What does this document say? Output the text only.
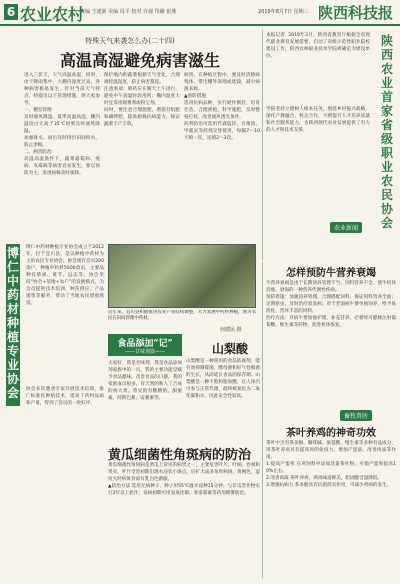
6 农业农村
责编 王建新 美编 周平 校对 许强 印刷 崔燕	2019年8月7日 星期三 陕西科技报
特殊天气来袭怎么办(二十四)
高温高湿避免病害滋生
进入三伏天，天气高温高湿，同时，由于降雨集中，大棚内湿度过高，各种病害极易发生。针对当前天气特点，特提出以下管理措施，供大家参考。
一、棚室管理
及时通风降湿。夏季高温高湿，棚内温度白天高于35℃时要及时通风降温。
加强排水。雨后及时排出田间积水，防止沤根。
二、病害防治
高温高湿条件下，蔬菜霜霉病、疫病、灰霉病等病害容易发生，要以预防为主，发现病株及时拔除。
保护地内的蔬菜根据天气变化，合理调控温湿度，防止病害蔓延。
注意事项：喷药应在晴天上午进行，避免中午高温时段用药；棚内湿度大时宜采用烟雾剂或粉尘剂。
同时，要注意合理施肥，增施有机肥和磷钾肥，提高植株抗病能力，保证蔬菜丰产丰收。
病害。在种植过程中，要及时清除病残体，带出棚外深埋或烧毁，减少病菌来源。
▲预防措施
选用抗病品种，实行轮作倒茬，培育壮苗，合理密植，科学施肥，及时整枝打杈，改善通风透光条件。
药剂防治可选用代森锰锌、百菌清、甲霜灵等药剂交替使用，每隔7～10天喷一次，连喷2～3次。
本报记者  2019年3月，陕西省教育厅根据全省现代职业教育发展需要，启动了省级示范性职业院校建设工作，陕西农林职业技术学院被确定为建设单位。
学院坚持立德树人根本任务，围绕乡村振兴战略，深化产教融合、校企合作，不断提升人才培养质量和社会服务能力，为陕西现代农业发展提供了有力的人才和技术支撑。
陕西农业首家省级职业农民协会
农业新闻
博仁中药材种植专业协会
博仁中药材种植专业协会成立于2012年，位于宜川县，是以种植中药材为主的农民专业协会。协会现有会员200余户，种植中药材5000余亩，主要品种有柴胡、黄芩、远志等。协会坚持“协会+基地+农户”的发展模式，为会员提供技术培训、种苗供应、产品销售等服务，带动了当地农民增收致富。
协会多次邀请专家开展技术培训，推广标准化种植技术，提高了药材品质和产量，得到了会员的一致好评。
近年来，宜川县积极推进农业产业结构调整，大力发展中药材种植，图为农民在田间管理中药材。
何建民 摄
食品添加“记”
——甘味剂篇——
大家好，我是甘味剂。我是食品添加剂家族中的一员，我的主要功能是赋予食品甜味，改善食品的口感。我的家族成员很多，有天然的和人工合成的两大类。常见的有糖精钠、甜蜜素、阿斯巴甜、安赛蜜等。
山梨酸
山梨酸是一种常用的食品防腐剂，能有效抑制霉菌、酵母菌和好气性细菌的生长，从而延长食品的保存期。山梨酸是一种不饱和脂肪酸，在人体内可参与正常代谢，最终被氧化为二氧化碳和水，因此安全性较高。
黄瓜细菌性角斑病的防治
黄瓜细菌性角斑病是黄瓜上常见的病害之一，主要危害叶片、叶柄、卷须和果实。叶片受害初期出现水浸状小斑点，后扩大成多角形病斑，黄褐色，湿度大时病斑背面有乳白色菌脓。
▲防治方法 选用无病种子，种子用55℃温水浸种15分钟；与非瓜类作物实行2年以上轮作；发病初期可用氢氧化铜、春雷霉素等药剂喷雾防治。
怎样预防牛营养衰竭
牛营养衰竭是由于长期饲养管理不当，饲料营养不全，使牛机体消瘦、衰弱的一种营养代谢性疾病。
预防措施：加强饲养管理，合理搭配饲料，保证饲料营养全面；定期驱虫，及时治疗原发病；对于老弱病牛要单独饲养，给予易消化、营养丰富的饲料。
治疗方法：对病牛要加强护理，补充营养，必要时可静脉注射葡萄糖、维生素等药物，促进机体恢复。
畜牧兽医
茶叶养鸡的神奇功效
茶叶中含有茶多酚、咖啡碱、氨基酸、维生素等多种有益成分，用茶叶养鸡具有提高鸡的免疫力、增加产蛋量、改善肉质等作用。
1.提高产蛋率 在鸡饲料中添加适量茶叶粉，可使产蛋率提高10%左右。
2.改善肉质 茶叶养鸡，鸡肉味道鲜美，胆固醇含量降低。
3.增强抗病力 茶多酚具有抗菌消炎作用，可减少鸡病的发生。
